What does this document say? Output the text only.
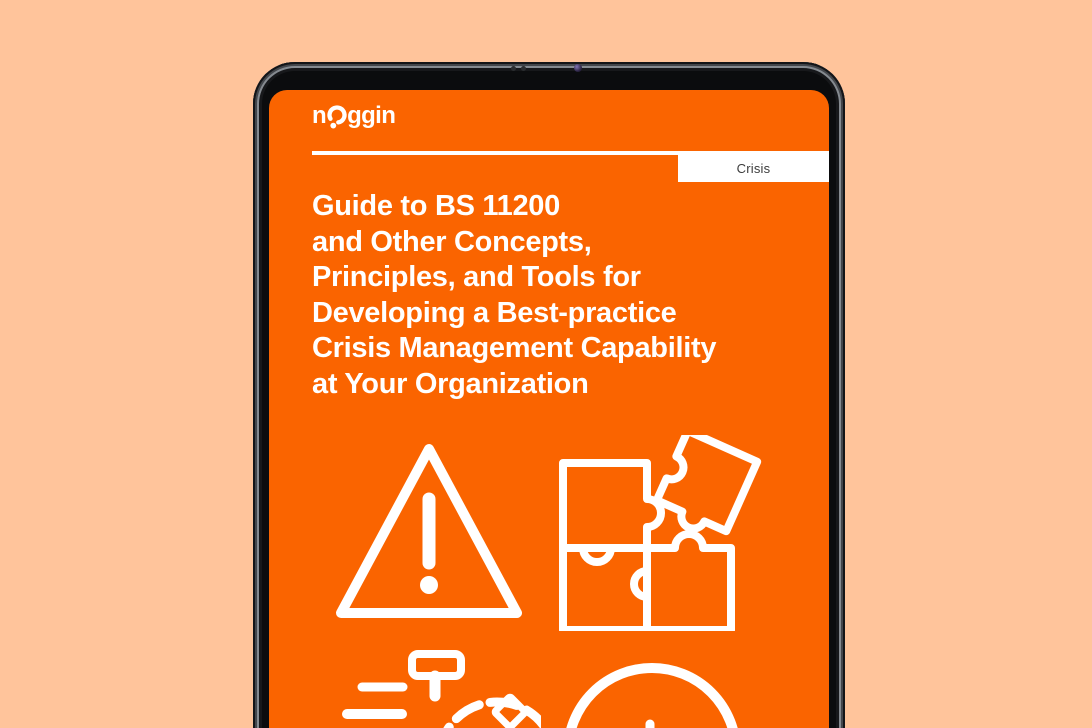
n ggin
Crisis
Guide to BS 11200
and Other Concepts,
Principles, and Tools for
Developing a Best-practice
Crisis Management Capability
at Your Organization
